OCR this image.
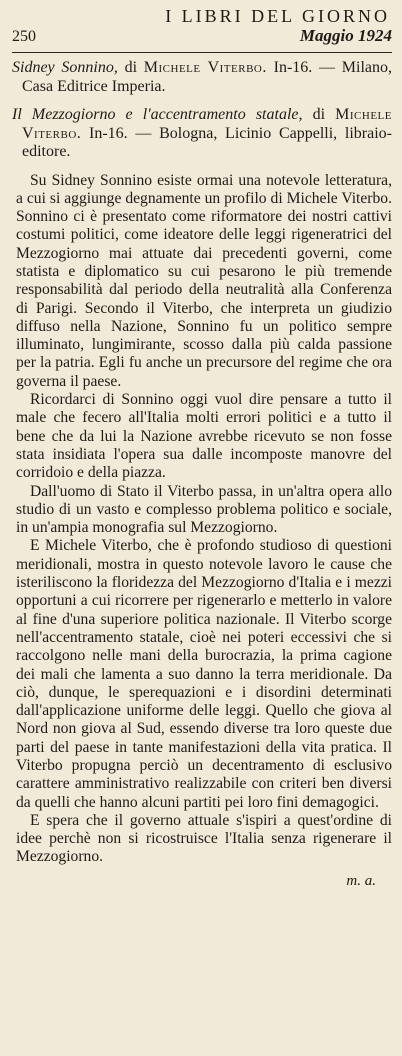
I LIBRI DEL GIORNO
250	Maggio 1924
Sidney Sonnino, di Michele Viterbo. In-16. — Milano, Casa Editrice Imperia.
Il Mezzogiorno e l'accentramento statale, di Michele Viterbo. In-16. — Bologna, Licinio Cappelli, libraio-editore.

Su Sidney Sonnino esiste ormai una notevole letteratura, a cui si aggiunge degnamente un profilo di Michele Viterbo. Sonnino ci è presentato come riformatore dei nostri cattivi costumi politici, come ideatore delle leggi rigeneratrici del Mezzogiorno mai attuate dai precedenti governi, come statista e diplomatico su cui pesarono le più tremende responsabilità dal periodo della neutralità alla Conferenza di Parigi. Secondo il Viterbo, che interpreta un giudizio diffuso nella Nazione, Sonnino fu un politico sempre illuminato, lungimirante, scosso dalla più calda passione per la patria. Egli fu anche un precursore del regime che ora governa il paese.

Ricordarci di Sonnino oggi vuol dire pensare a tutto il male che fecero all'Italia molti errori politici e a tutto il bene che da lui la Nazione avrebbe ricevuto se non fosse stata insidiata l'opera sua dalle incomposte manovre del corridoio e della piazza.

Dall'uomo di Stato il Viterbo passa, in un'altra opera allo studio di un vasto e complesso problema politico e sociale, in un'ampia monografia sul Mezzogiorno.

E Michele Viterbo, che è profondo studioso di questioni meridionali, mostra in questo notevole lavoro le cause che isteriliscono la floridezza del Mezzogiorno d'Italia e i mezzi opportuni a cui ricorrere per rigenerarlo e metterlo in valore al fine d'una superiore politica nazionale. Il Viterbo scorge nell'accentramento statale, cioè nei poteri eccessivi che si raccolgono nelle mani della burocrazia, la prima cagione dei mali che lamenta a suo danno la terra meridionale. Da ciò, dunque, le sperequazioni e i disordini determinati dall'applicazione uniforme delle leggi. Quello che giova al Nord non giova al Sud, essendo diverse tra loro queste due parti del paese in tante manifestazioni della vita pratica. Il Viterbo propugna perciò un decentramento di esclusivo carattere amministrativo realizzabile con criteri ben diversi da quelli che hanno alcuni partiti pei loro fini demagogici.

E spera che il governo attuale s'ispiri a quest'ordine di idee perchè non si ricostruisce l'Italia senza rigenerare il Mezzogiorno.

m. a.
